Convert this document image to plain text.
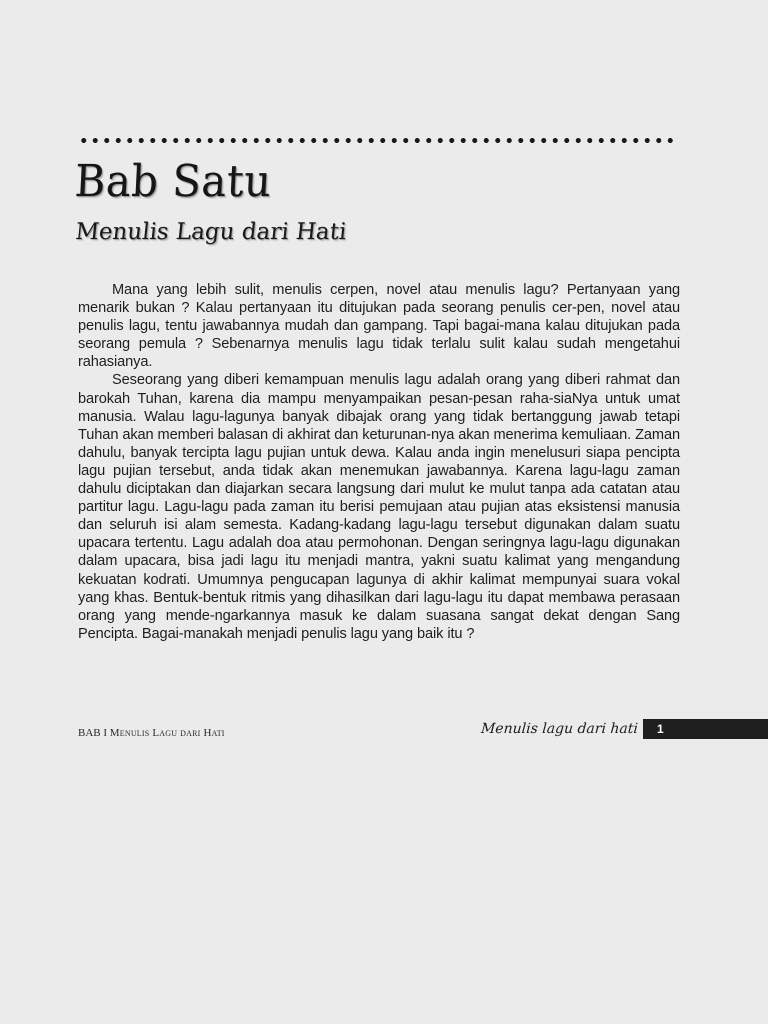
Bab Satu
Menulis Lagu dari Hati

Mana yang lebih sulit, menulis cerpen, novel atau menulis lagu? Pertanyaan yang menarik bukan ? Kalau pertanyaan itu ditujukan pada seorang penulis cer-pen, novel atau penulis lagu, tentu jawabannya mudah dan gampang. Tapi bagai-mana kalau ditujukan pada seorang pemula ? Sebenarnya menulis lagu tidak terlalu sulit kalau sudah mengetahui rahasianya.

Seseorang yang diberi kemampuan menulis lagu adalah orang yang diberi rahmat dan barokah Tuhan, karena dia mampu menyampaikan pesan-pesan raha-siaNya untuk umat manusia. Walau lagu-lagunya banyak dibajak orang yang tidak bertanggung jawab tetapi Tuhan akan memberi balasan di akhirat dan keturunan-nya akan menerima kemuliaan. Zaman dahulu, banyak tercipta lagu pujian untuk dewa. Kalau anda ingin menelusuri siapa pencipta lagu pujian tersebut, anda tidak akan menemukan jawabannya. Karena lagu-lagu zaman dahulu diciptakan dan diajarkan secara langsung dari mulut ke mulut tanpa ada catatan atau partitur lagu. Lagu-lagu pada zaman itu berisi pemujaan atau pujian atas eksistensi manusia dan seluruh isi alam semesta. Kadang-kadang lagu-lagu tersebut digunakan dalam suatu upacara tertentu. Lagu adalah doa atau permohonan. Dengan seringnya lagu-lagu digunakan dalam upacara, bisa jadi lagu itu menjadi mantra, yakni suatu kalimat yang mengandung kekuatan kodrati. Umumnya pengucapan lagunya di akhir kalimat mempunyai suara vokal yang khas. Bentuk-bentuk ritmis yang dihasilkan dari lagu-lagu itu dapat membawa perasaan orang yang mende-ngarkannya masuk ke dalam suasana sangat dekat dengan Sang Pencipta. Bagai-manakah menjadi penulis lagu yang baik itu ?

BAB I Menulis Lagu dari Hati	Menulis lagu dari hati 1
